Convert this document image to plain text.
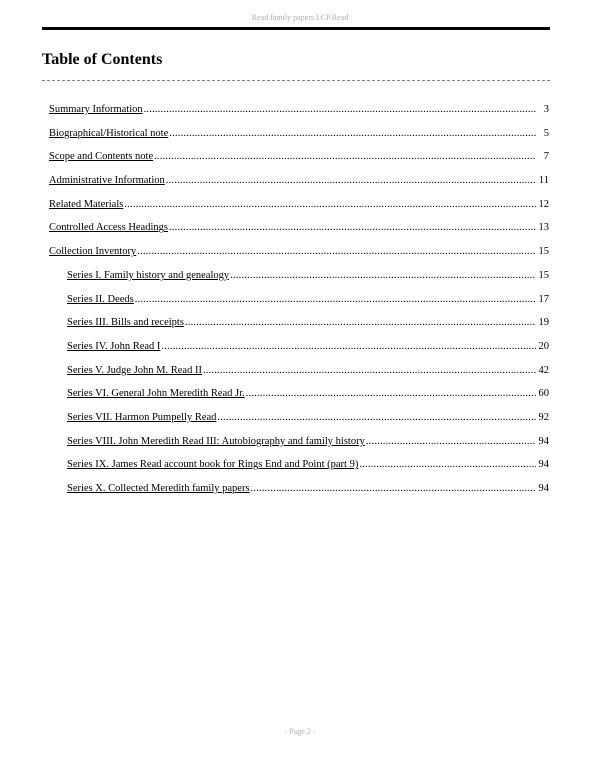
Read family papers LCP.Read
Table of Contents
Summary Information .....	3
Biographical/Historical note .....	5
Scope and Contents note .....	7
Administrative Information .....	11
Related Materials .....	12
Controlled Access Headings .....	13
Collection Inventory .....	15
Series I. Family history and genealogy .....	15
Series II. Deeds .....	17
Series III. Bills and receipts .....	19
Series IV. John Read I .....	20
Series V. Judge John M. Read II .....	42
Series VI. General John Meredith Read Jr. .....	60
Series VII. Harmon Pumpelly Read .....	92
Series VIII. John Meredith Read III: Autobiography and family history .....	94
Series IX. James Read account book for Rings End and Point (part 9) .....	94
Series X. Collected Meredith family papers .....	94
- Page 2 -
